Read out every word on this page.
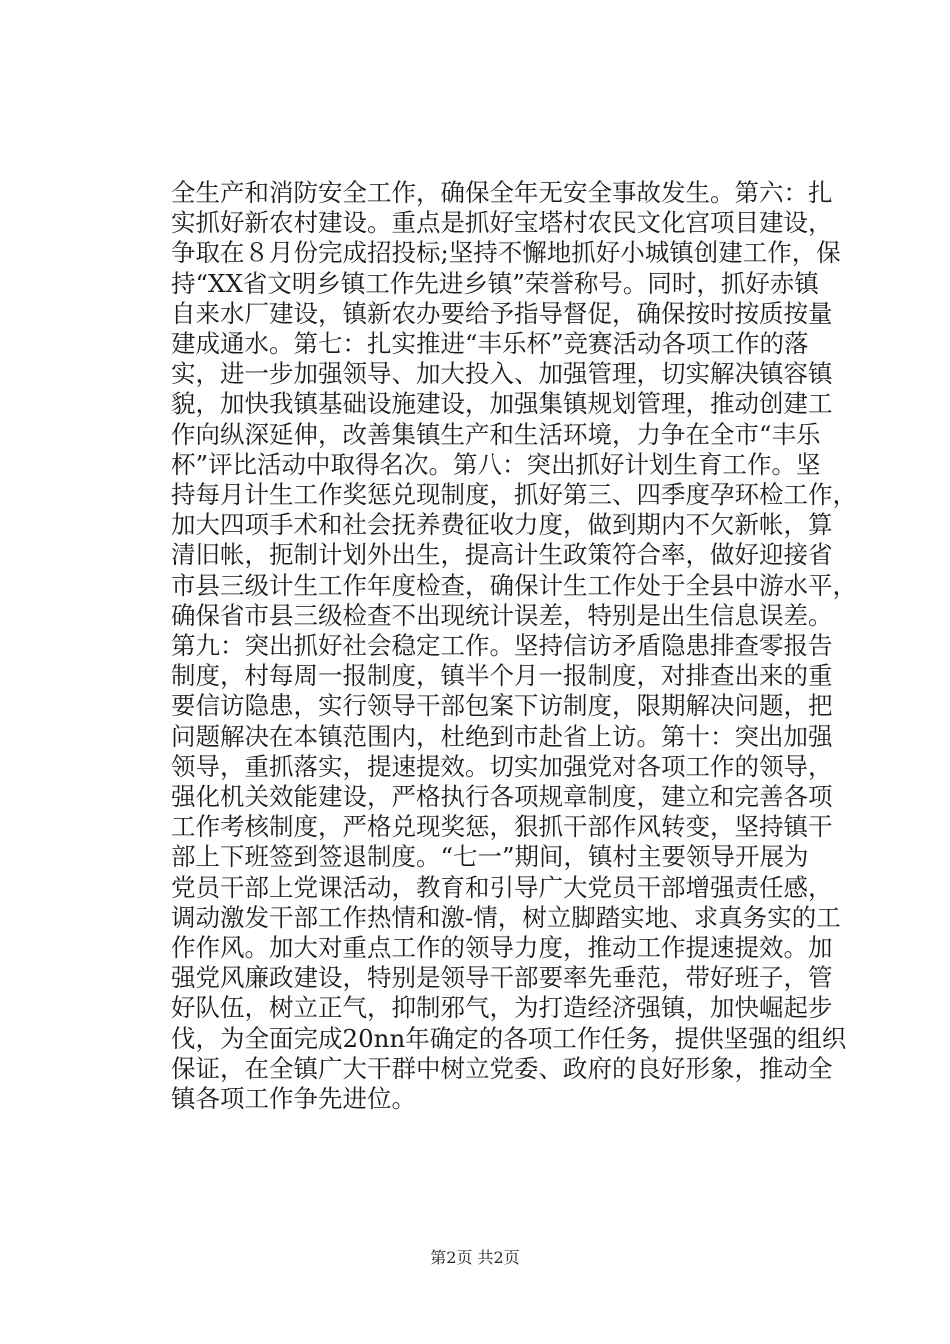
全生产和消防安全工作，确保全年无安全事故发生。第六：扎
实抓好新农村建设。重点是抓好宝塔村农民文化宫项目建设，
争取在８月份完成招投标;坚持不懈地抓好小城镇创建工作，保
持“XX省文明乡镇工作先进乡镇”荣誉称号。同时，抓好赤镇
自来水厂建设，镇新农办要给予指导督促，确保按时按质按量
建成通水。第七：扎实推进“丰乐杯”竞赛活动各项工作的落
实，进一步加强领导、加大投入、加强管理，切实解决镇容镇
貌，加快我镇基础设施建设，加强集镇规划管理，推动创建工
作向纵深延伸，改善集镇生产和生活环境，力争在全市“丰乐
杯”评比活动中取得名次。第八：突出抓好计划生育工作。坚
持每月计生工作奖惩兑现制度，抓好第三、四季度孕环检工作，
加大四项手术和社会抚养费征收力度，做到期内不欠新帐，算
清旧帐，扼制计划外出生，提高计生政策符合率，做好迎接省
市县三级计生工作年度检查，确保计生工作处于全县中游水平，
确保省市县三级检查不出现统计误差，特别是出生信息误差。
第九：突出抓好社会稳定工作。坚持信访矛盾隐患排查零报告
制度，村每周一报制度，镇半个月一报制度，对排查出来的重
要信访隐患，实行领导干部包案下访制度，限期解决问题，把
问题解决在本镇范围内，杜绝到市赴省上访。第十：突出加强
领导，重抓落实，提速提效。切实加强党对各项工作的领导，
强化机关效能建设，严格执行各项规章制度，建立和完善各项
工作考核制度，严格兑现奖惩，狠抓干部作风转变，坚持镇干
部上下班签到签退制度。“七一”期间，镇村主要领导开展为
党员干部上党课活动，教育和引导广大党员干部增强责任感，
调动激发干部工作热情和激-情，树立脚踏实地、求真务实的工
作作风。加大对重点工作的领导力度，推动工作提速提效。加
强党风廉政建设，特别是领导干部要率先垂范，带好班子，管
好队伍，树立正气，抑制邪气，为打造经济强镇，加快崛起步
伐，为全面完成20nn年确定的各项工作任务，提供坚强的组织
保证，在全镇广大干群中树立党委、政府的良好形象，推动全
镇各项工作争先进位。
第2页 共2页
